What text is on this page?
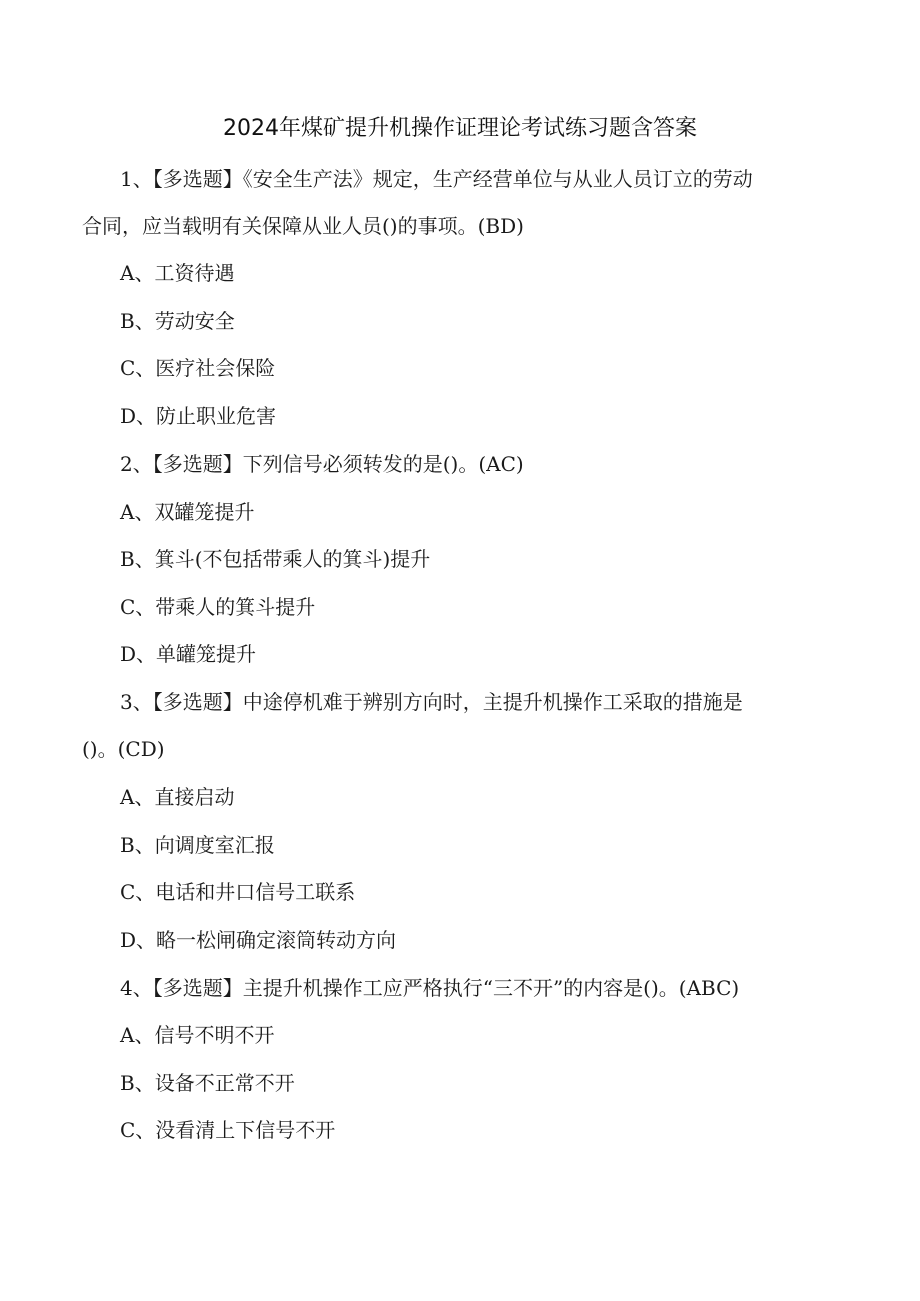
2024年煤矿提升机操作证理论考试练习题含答案
1、【多选题】《安全生产法》规定，生产经营单位与从业人员订立的劳动
合同，应当载明有关保障从业人员()的事项。(BD)
A、工资待遇
B、劳动安全
C、医疗社会保险
D、防止职业危害
2、【多选题】下列信号必须转发的是()。(AC)
A、双罐笼提升
B、箕斗(不包括带乘人的箕斗)提升
C、带乘人的箕斗提升
D、单罐笼提升
3、【多选题】中途停机难于辨别方向时，主提升机操作工采取的措施是
()。(CD)
A、直接启动
B、向调度室汇报
C、电话和井口信号工联系
D、略一松闸确定滚筒转动方向
4、【多选题】主提升机操作工应严格执行“三不开”的内容是()。(ABC)
A、信号不明不开
B、设备不正常不开
C、没看清上下信号不开
